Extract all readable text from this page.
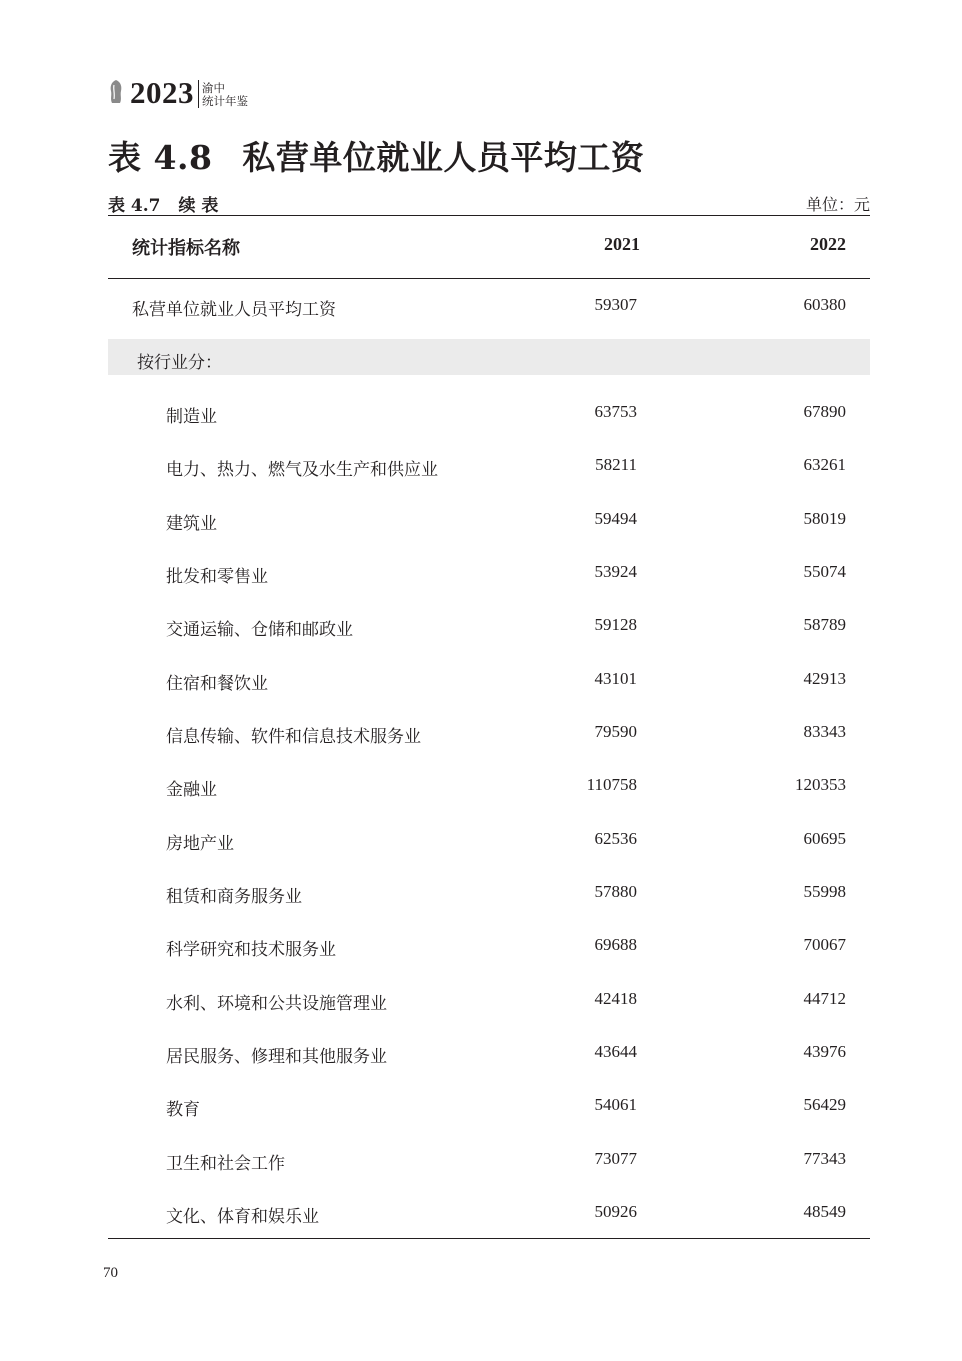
2023 渝中
统计年鉴
表 4.8 私营单位就业人员平均工资
表 4.7 续 表	单位：元
统计指标名称	2021	2022
私营单位就业人员平均工资	59307	60380
按行业分：
制造业	63753	67890
电力、热力、燃气及水生产和供应业	58211	63261
建筑业	59494	58019
批发和零售业	53924	55074
交通运输、仓储和邮政业	59128	58789
住宿和餐饮业	43101	42913
信息传输、软件和信息技术服务业	79590	83343
金融业	110758	120353
房地产业	62536	60695
租赁和商务服务业	57880	55998
科学研究和技术服务业	69688	70067
水利、环境和公共设施管理业	42418	44712
居民服务、修理和其他服务业	43644	43976
教育	54061	56429
卫生和社会工作	73077	77343
文化、体育和娱乐业	50926	48549
70
